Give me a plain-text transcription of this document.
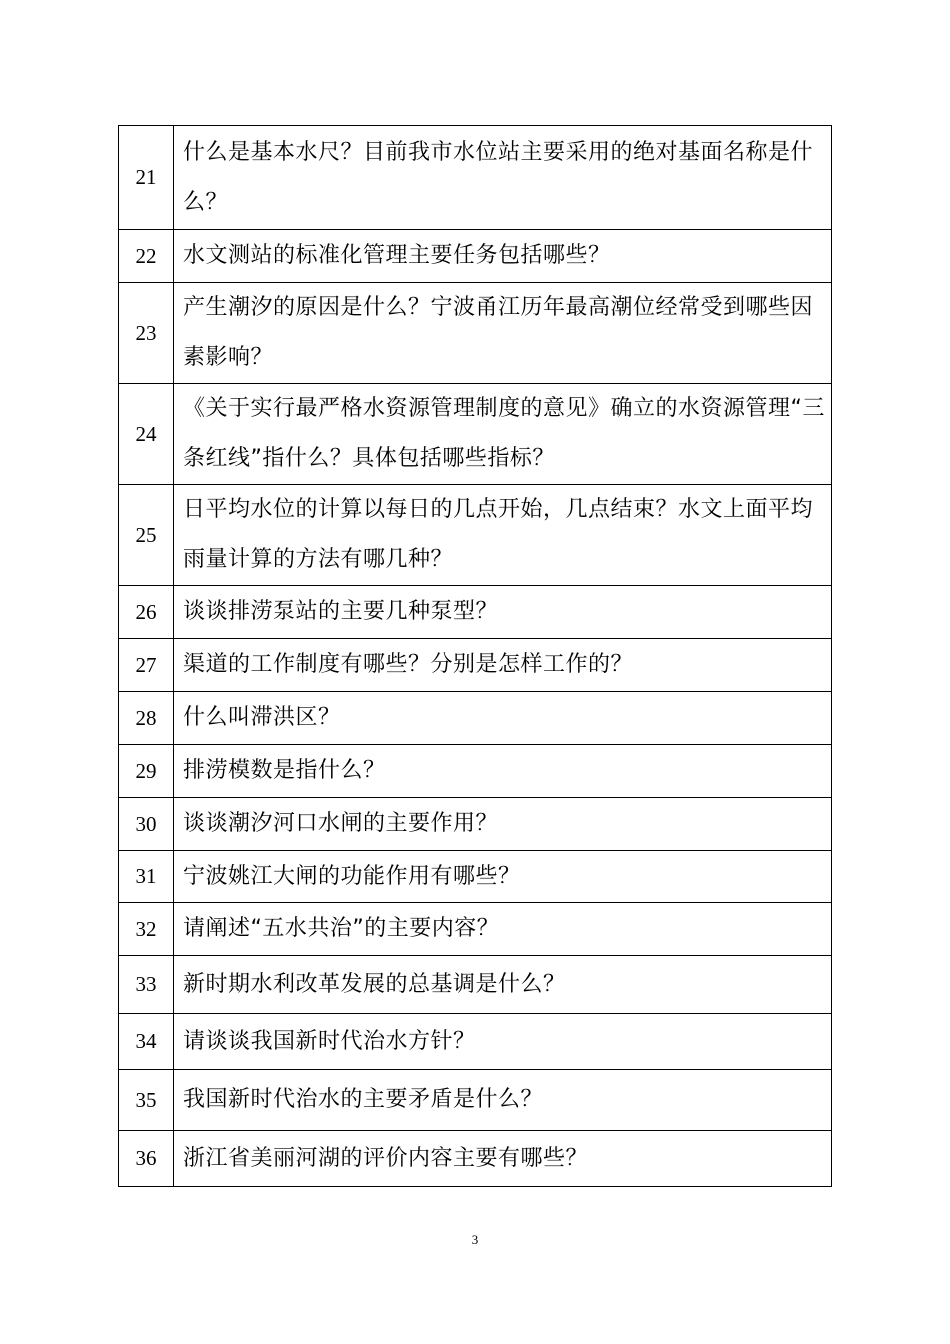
21	什么是基本水尺？目前我市水位站主要采用的绝对基面名称是什么？
22	水文测站的标准化管理主要任务包括哪些？
23	产生潮汐的原因是什么？宁波甬江历年最高潮位经常受到哪些因素影响？
24	《关于实行最严格水资源管理制度的意见》确立的水资源管理“三条红线”指什么？具体包括哪些指标？
25	日平均水位的计算以每日的几点开始，几点结束？水文上面平均雨量计算的方法有哪几种？
26	谈谈排涝泵站的主要几种泵型？
27	渠道的工作制度有哪些？分别是怎样工作的？
28	什么叫滞洪区？
29	排涝模数是指什么？
30	谈谈潮汐河口水闸的主要作用？
31	宁波姚江大闸的功能作用有哪些？
32	请阐述“五水共治”的主要内容？
33	新时期水利改革发展的总基调是什么？
34	请谈谈我国新时代治水方针？
35	我国新时代治水的主要矛盾是什么？
36	浙江省美丽河湖的评价内容主要有哪些？
3
